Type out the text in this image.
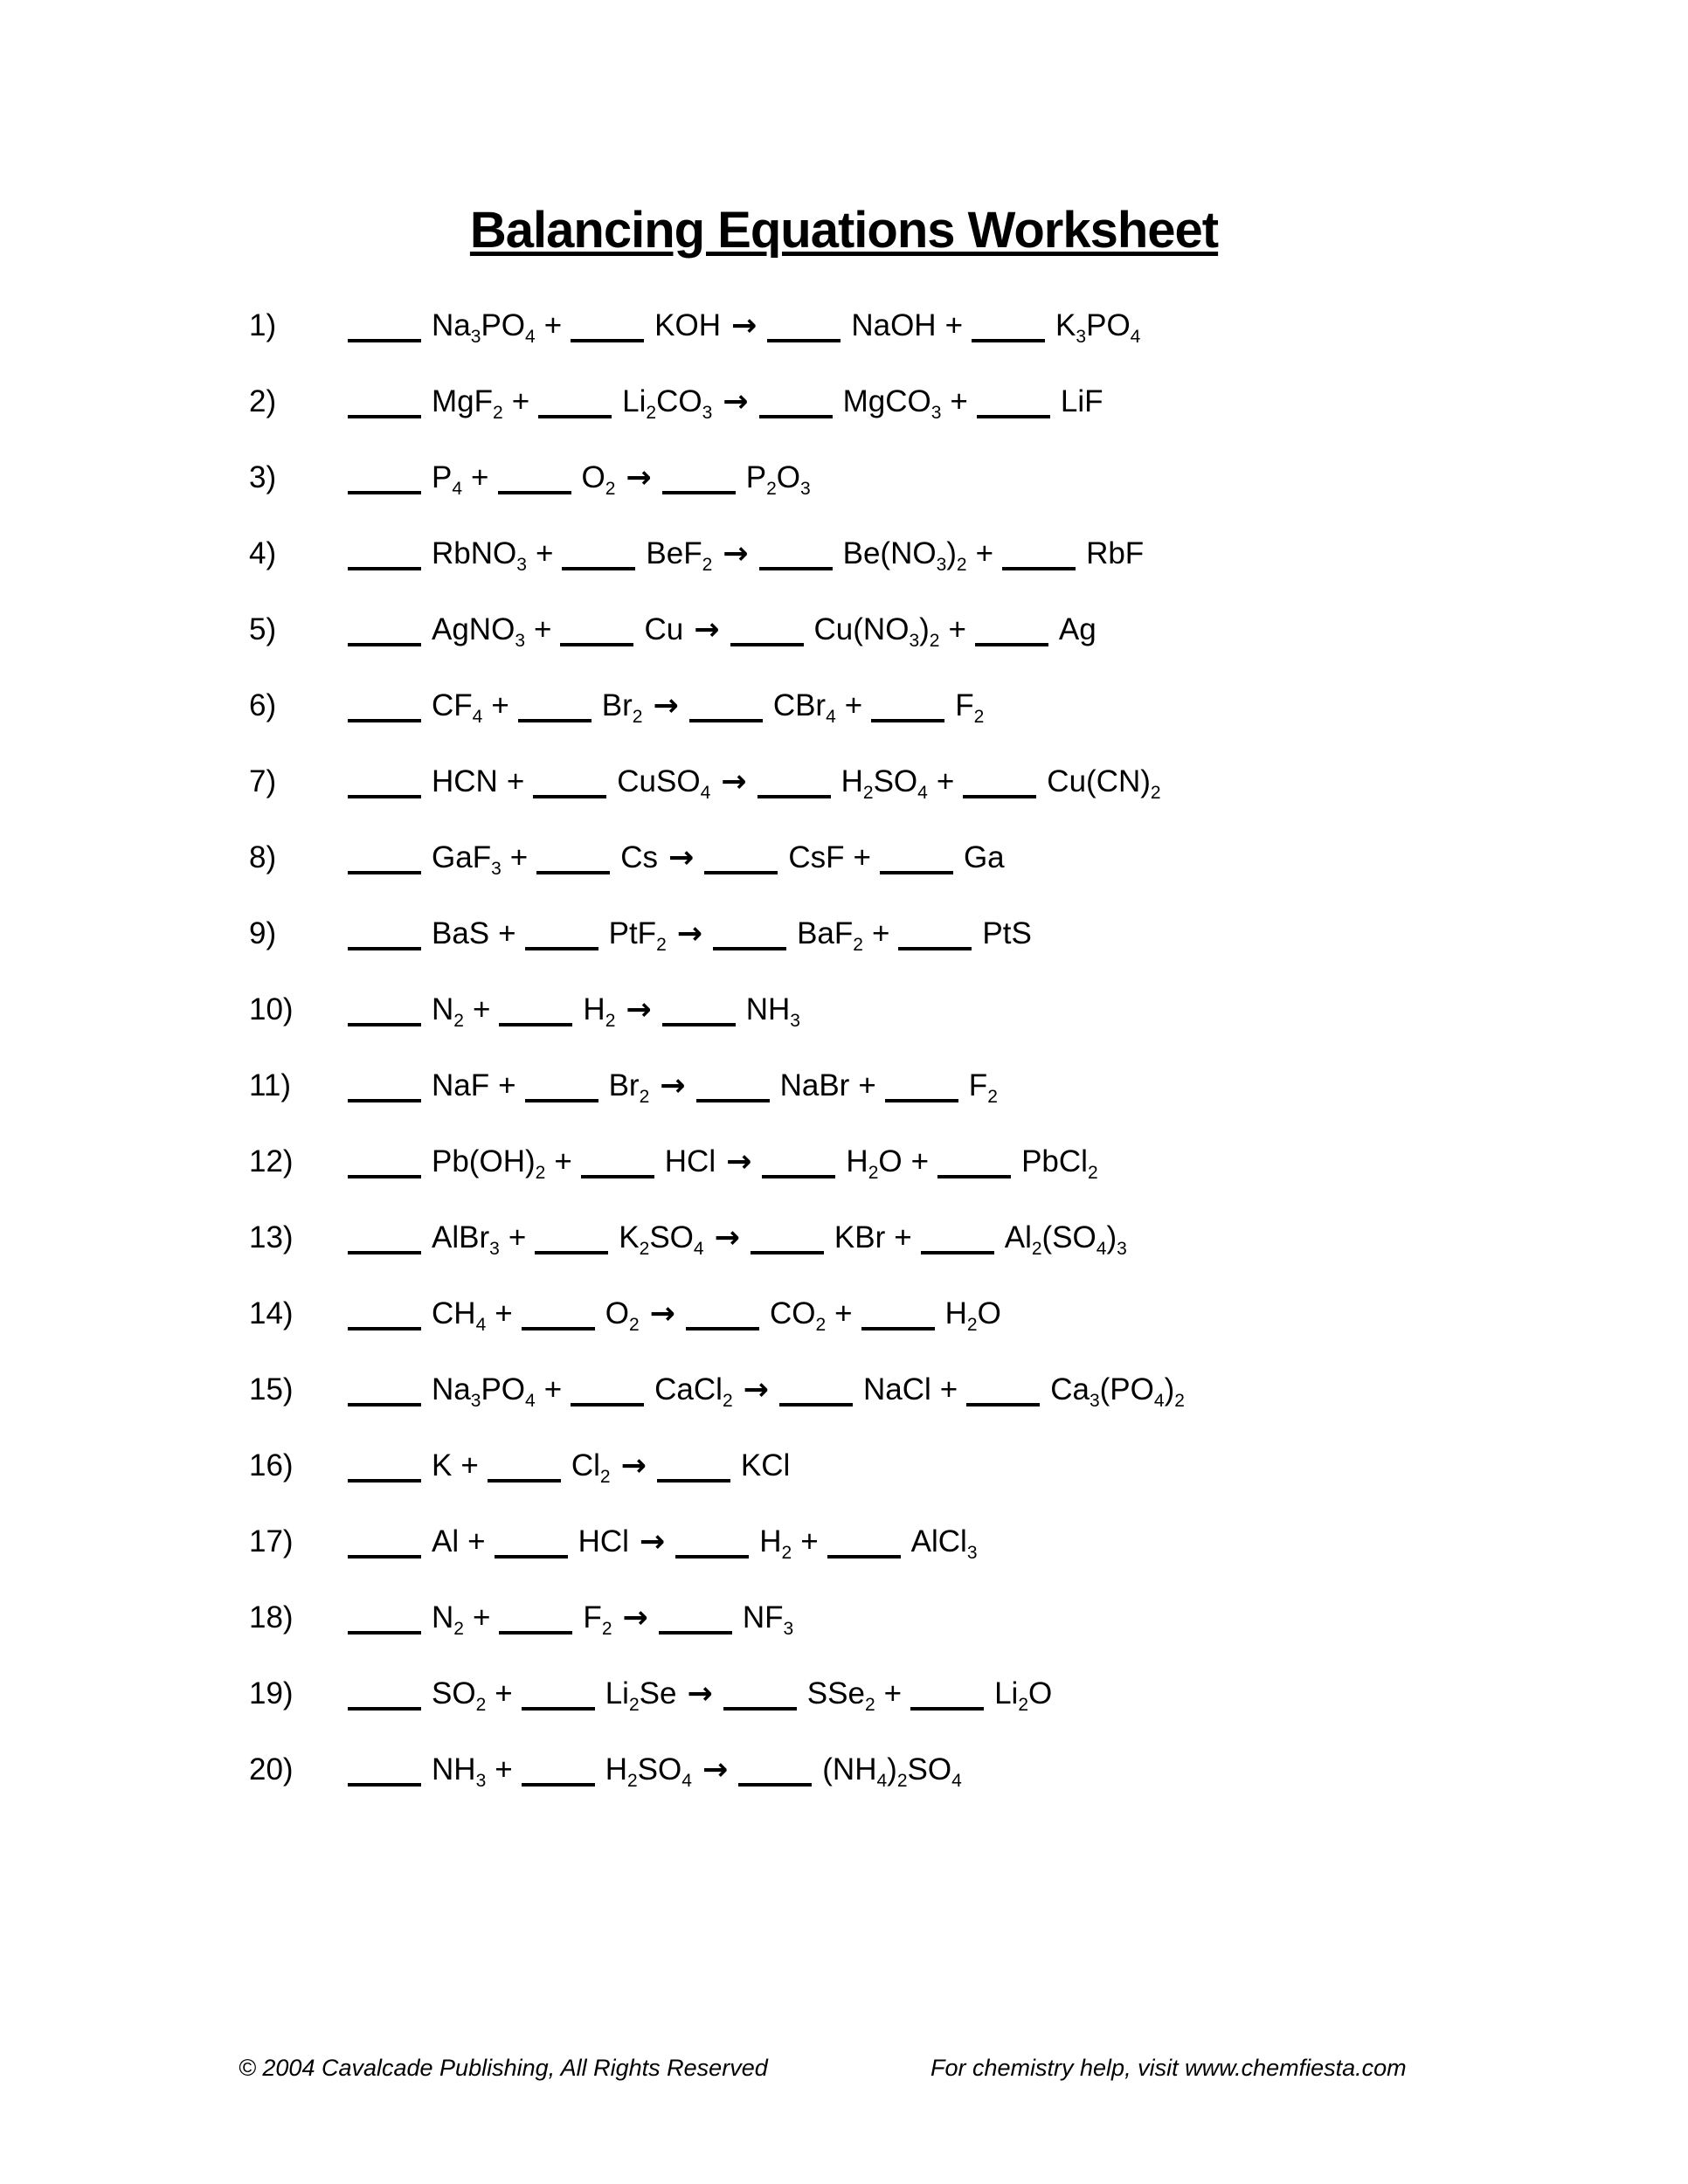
Balancing Equations Worksheet
1)	$Na_3PO_4$ +	KOH →	NaOH +	$K_3PO_4$
2)	MgF$_2$ +	$Li_2CO_3$ →	MgCO$_3$ +	LiF
3)	$P_4$ +	$O_2$ →	$P_2O_3$
4)	RbNO$_3$ +	BeF$_2$ →	$Be(NO_3)_2$ +	RbF
5)	AgNO$_3$ +	Cu →	$Cu(NO_3)_2$ +	Ag
6)	$CF_4$ +	$Br_2$ →	CBr$_4$ +	$F_2$
7)	HCN +	CuSO$_4$ →	$H_2SO_4$ +	$Cu(CN)_2$
8)	GaF$_3$ +	Cs →	CsF +	Ga
9)	BaS +	PtF$_2$ →	BaF$_2$ +	PtS
10)	$N_2$ +	$H_2$ →	$NH_3$
11)	NaF +	$Br_2$ →	NaBr +	$F_2$
12)	$Pb(OH)_2$ +	HCl →	$H_2O$ +	PbCl$_2$
13)	AlBr$_3$ +	$K_2SO_4$ →	KBr +	$Al_2(SO_4)_3$
14)	$CH_4$ +	$O_2$ →	$CO_2$ +	$H_2O$
15)	$Na_3PO_4$ +	CaCl$_2$ →	NaCl +	$Ca_3(PO_4)_2$
16)	K +	$Cl_2$ →	KCl
17)	Al +	HCl →	$H_2$ +	AlCl$_3$
18)	$N_2$ +	$F_2$ →	$NF_3$
19)	$SO_2$ +	$Li_2Se$ →	SSe$_2$ +	$Li_2O$
20)	$NH_3$ +	$H_2SO_4$ →	$(NH_4)_2SO_4$
© 2004 Cavalcade Publishing, All Rights Reserved	For chemistry help, visit www.chemfiesta.com
